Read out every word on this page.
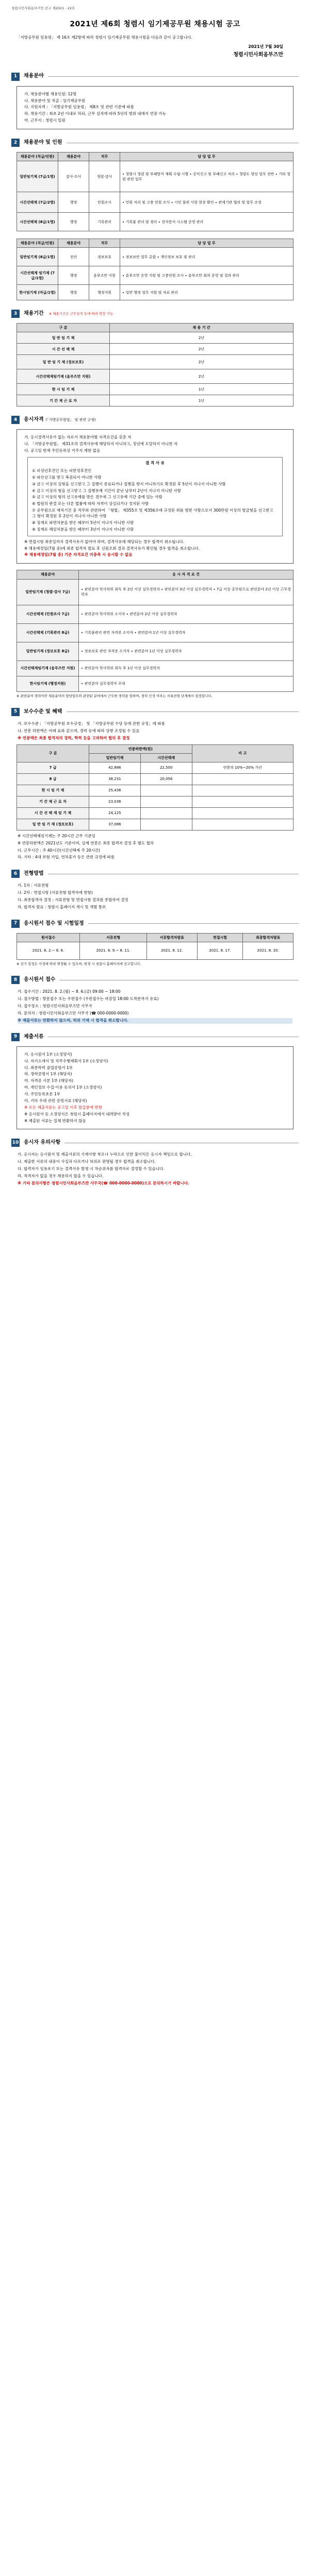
청렴시민사회옴부즈만 공고 제2021 - 22호
2021년 제6회 청렴시 임기제공무원 채용시험 공고
「지방공무원 임용령」 제 16조 제2항에 따라 청렴시 임기제공무원 채용시험을 다음과 같이 공고합니다.
2021년 7월 30일
청렴시민사회옴부즈만
1	채용분야

가. 채용분야별 채용인원: 12명

나. 채용분야 및 직급 : 임기제공무원

다. 지원자격 : 「지방공무원 임용령」 제8조 및 관련 기준에 따름

라. 채용기간 : 최초 2년 이내로 하되, 근무 실적에 따라 5년의 범위 내에서 연장 가능

마. 근무지 : 청렴시 일원

2	채용분야 및 인원
채용분야 (직급/인원)	채용분야	직무	담 당 업 무
일반임기제 (7급/1명)	감사·조사	청렴·감사	∙ 청렴시 청렴 및 부패방지 계획 수립·시행 ∙ 공익신고 및 부패신고 처리 ∙ 청렴도 향상 업무 전반 ∙ 기타 청렴 관련 업무
시간선택제 (7급/2명)	행정	민원조사	∙ 민원 처리 및 고충 민원 조사 ∙ 시민 불편 사항 현장 확인 ∙ 관계기관 협의 및 업무 조정
시간선택제 (8급/1명)	행정	기록관리	∙ 기록물 관리 및 정리 ∙ 전자문서 시스템 운영 관리
채용분야 (직급/인원)	채용분야	직무	담 당 업 무
일반임기제 (8급/1명)	전산	정보보호	∙ 정보보안 업무 총괄 ∙ 개인정보 보호 및 관리
시간선택제 임기제 (7급/1명)	행정	옴부즈만 지원	∙ 옴부즈만 운영 지원 및 고충민원 조사 ∙ 옴부즈만 회의 운영 및 결과 관리
한시임기제 (마급/1명)	행정	행정지원	∙ 일반 행정 업무 지원 및 자료 관리
3	채용기간 ※ 채용기간은 근무실적 등에 따라 연장 가능
구 분	채 용 기 간
일 반 임 기 제	2년
시 간 선 택 제	2년
일 반 임 기 제 (정보보호)	2년
시간선택제임기제 (옴부즈만 지원)	2년
한 시 임 기 제	1년
기 간 제 근 로 자	1년
4	응시자격 (「지방공무원법」 및 관련 규정)

가. 응시결격사유가 없는 자로서 채용분야별 자격요건을 갖춘 자

나. 「지방공무원법」 제31조의 결격사유에 해당하지 아니하고, 정년에 도달하지 아니한 자

다. 공고일 현재 주민등록상 거주지 제한 없음

결 격 사 유

① 피성년후견인 또는 피한정후견인

② 파산선고를 받고 복권되지 아니한 사람

③ 금고 이상의 실형을 선고받고 그 집행이 종료되거나 집행을 받지 아니하기로 확정된 후 5년이 지나지 아니한 사람

④ 금고 이상의 형을 선고받고 그 집행유예 기간이 끝난 날부터 2년이 지나지 아니한 사람

⑤ 금고 이상의 형의 선고유예를 받은 경우에 그 선고유예 기간 중에 있는 사람

⑥ 법원의 판결 또는 다른 법률에 따라 자격이 상실되거나 정지된 사람

⑦ 공무원으로 재직기간 중 직무와 관련하여 「형법」 제355조 및 제356조에 규정된 죄를 범한 사람으로서 300만원 이상의 벌금형을 선고받고 그 형이 확정된 후 2년이 지나지 아니한 사람

⑧ 징계로 파면처분을 받은 때부터 5년이 지나지 아니한 사람

⑨ 징계로 해임처분을 받은 때부터 3년이 지나지 아니한 사람

※ 면접시험 최종일까지 결격사유가 없어야 하며, 결격사유에 해당되는 경우 합격이 취소됩니다.

※ 채용예정일(7월 중)에 최종 합격자 발표 후 신원조회 결과 결격사유가 확인될 경우 합격을 취소합니다.

※ 채용예정일(7월 중) 기준 자격요건 미충족 시 응시할 수 없음

채용분야	응 시 자 격 요 건
일반임기제 (청렴·감사 7급)	∙ 관련분야 학사학위 취득 후 2년 이상 실무경력자 ∙ 관련분야 3년 이상 실무경력자 ∙ 7급 이상 공무원으로 관련분야 2년 이상 근무경력자
시간선택제 (민원조사 7급)	∙ 관련분야 학사학위 소지자 ∙ 관련분야 2년 이상 실무경력자
시간선택제 (기록관리 8급)	∙ 기록물관리 관련 자격증 소지자 ∙ 관련분야 1년 이상 실무경력자
일반임기제 (정보보호 8급)	∙ 정보보호 관련 자격증 소지자 ∙ 관련분야 1년 이상 실무경력자
시간선택제임기제 (옴부즈만 지원)	∙ 관련분야 학사학위 취득 후 1년 이상 실무경력자
한시임기제 (행정지원)	∙ 관련분야 실무경력자 우대
※ 관련분야 경력이란 채용분야의 담당업무와 관련된 분야에서 근무한 경력을 말하며, 경력 인정 여부는 서류전형 단계에서 결정합니다.
5	보수수준 및 혜택

가. 보수수준 : 「지방공무원 보수규정」 및 「지방공무원 수당 등에 관한 규정」에 따름

나. 연봉 하한액은 아래 표와 같으며, 경력 등에 따라 상향 조정될 수 있음

※ 연봉액은 최종 합격자의 경력, 학력 등을 고려하여 협의 후 결정

구 분	연봉하한액(원)		비 고
	일반임기제	시간선택제	
7 급	42,886	22,500	연봉의 10%~20% 가산
8 급	38,231	20,056	
한 시 임 기 제	25,436		
기 간 제 근 로 자	23,036		
시 간 선 택 제 임 기 제	24,125		
일 반 임 기 제 (정보보호)	37,086		

※ 시간선택제임기제는 주 20시간 근무 기준임

※ 연봉하한액은 2021년도 기준이며, 실제 연봉은 최종 합격자 결정 후 별도 협의

다. 근무시간 : 주 40시간(시간선택제 주 20시간)

라. 기타 : 4대 보험 가입, 연차휴가 등은 관련 규정에 따름

6	전형방법

가. 1차 : 서류전형

나. 2차 : 면접시험 (서류전형 합격자에 한함)

다. 최종합격자 결정 : 서류전형 및 면접시험 결과를 종합하여 결정

라. 합격자 발표 : 청렴시 홈페이지 게시 및 개별 통보

7	응시원서 접수 및 시험일정
원서접수	서류전형	서류합격자발표	면접시험	최종합격자발표
2021. 8. 2.~ 8. 6.	2021. 8. 9.~ 8. 11.	2021. 8. 12.	2021. 8. 17.	2021. 8. 20.
※ 상기 일정은 사정에 따라 변경될 수 있으며, 변경 시 청렴시 홈페이지에 공고합니다.
8	응시원서 접수

가. 접수기간 : 2021. 8. 2.(월) ~ 8. 6.(금) 09:00 ~ 18:00

나. 접수방법 : 방문접수 또는 우편접수 (우편접수는 마감일 18:00 도착분까지 유효)

다. 접수장소 : 청렴시민사회옴부즈만 사무국

라. 문의처 : 청렴시민사회옴부즈만 사무국 (☎ 000-0000-0000)

※ 제출서류는 반환하지 않으며, 허위 기재 시 합격을 취소합니다.

9	제출서류

가. 응시원서 1부 (소정양식)

나. 자기소개서 및 직무수행계획서 1부 (소정양식)

다. 최종학력 졸업증명서 1부

라. 경력증명서 1부 (해당자)

마. 자격증 사본 1부 (해당자)

바. 개인정보 수집·이용 동의서 1부 (소정양식)

사. 주민등록초본 1부

아. 기타 우대 관련 증빙서류 (해당자)

※ 모든 제출서류는 공고일 이후 발급분에 한함

※ 응시원서 등 소정양식은 청렴시 홈페이지에서 내려받아 작성

※ 제출된 서류는 일체 반환하지 않음

10 응시자 유의사항

가. 응시자는 응시원서 및 제출서류의 기재사항 착오나 누락으로 인한 불이익은 응시자 책임으로 합니다.

나. 제출한 서류의 내용이 사실과 다르거나 허위로 판명될 경우 합격을 취소합니다.

다. 합격자가 임용포기 또는 결격사유 발생 시 차순위자를 합격자로 결정할 수 있습니다.

라. 적격자가 없을 경우 채용하지 않을 수 있습니다.

※ 기타 문의사항은 청렴시민사회옴부즈만 사무국(☎ 000-0000-0000)으로 문의하시기 바랍니다.
